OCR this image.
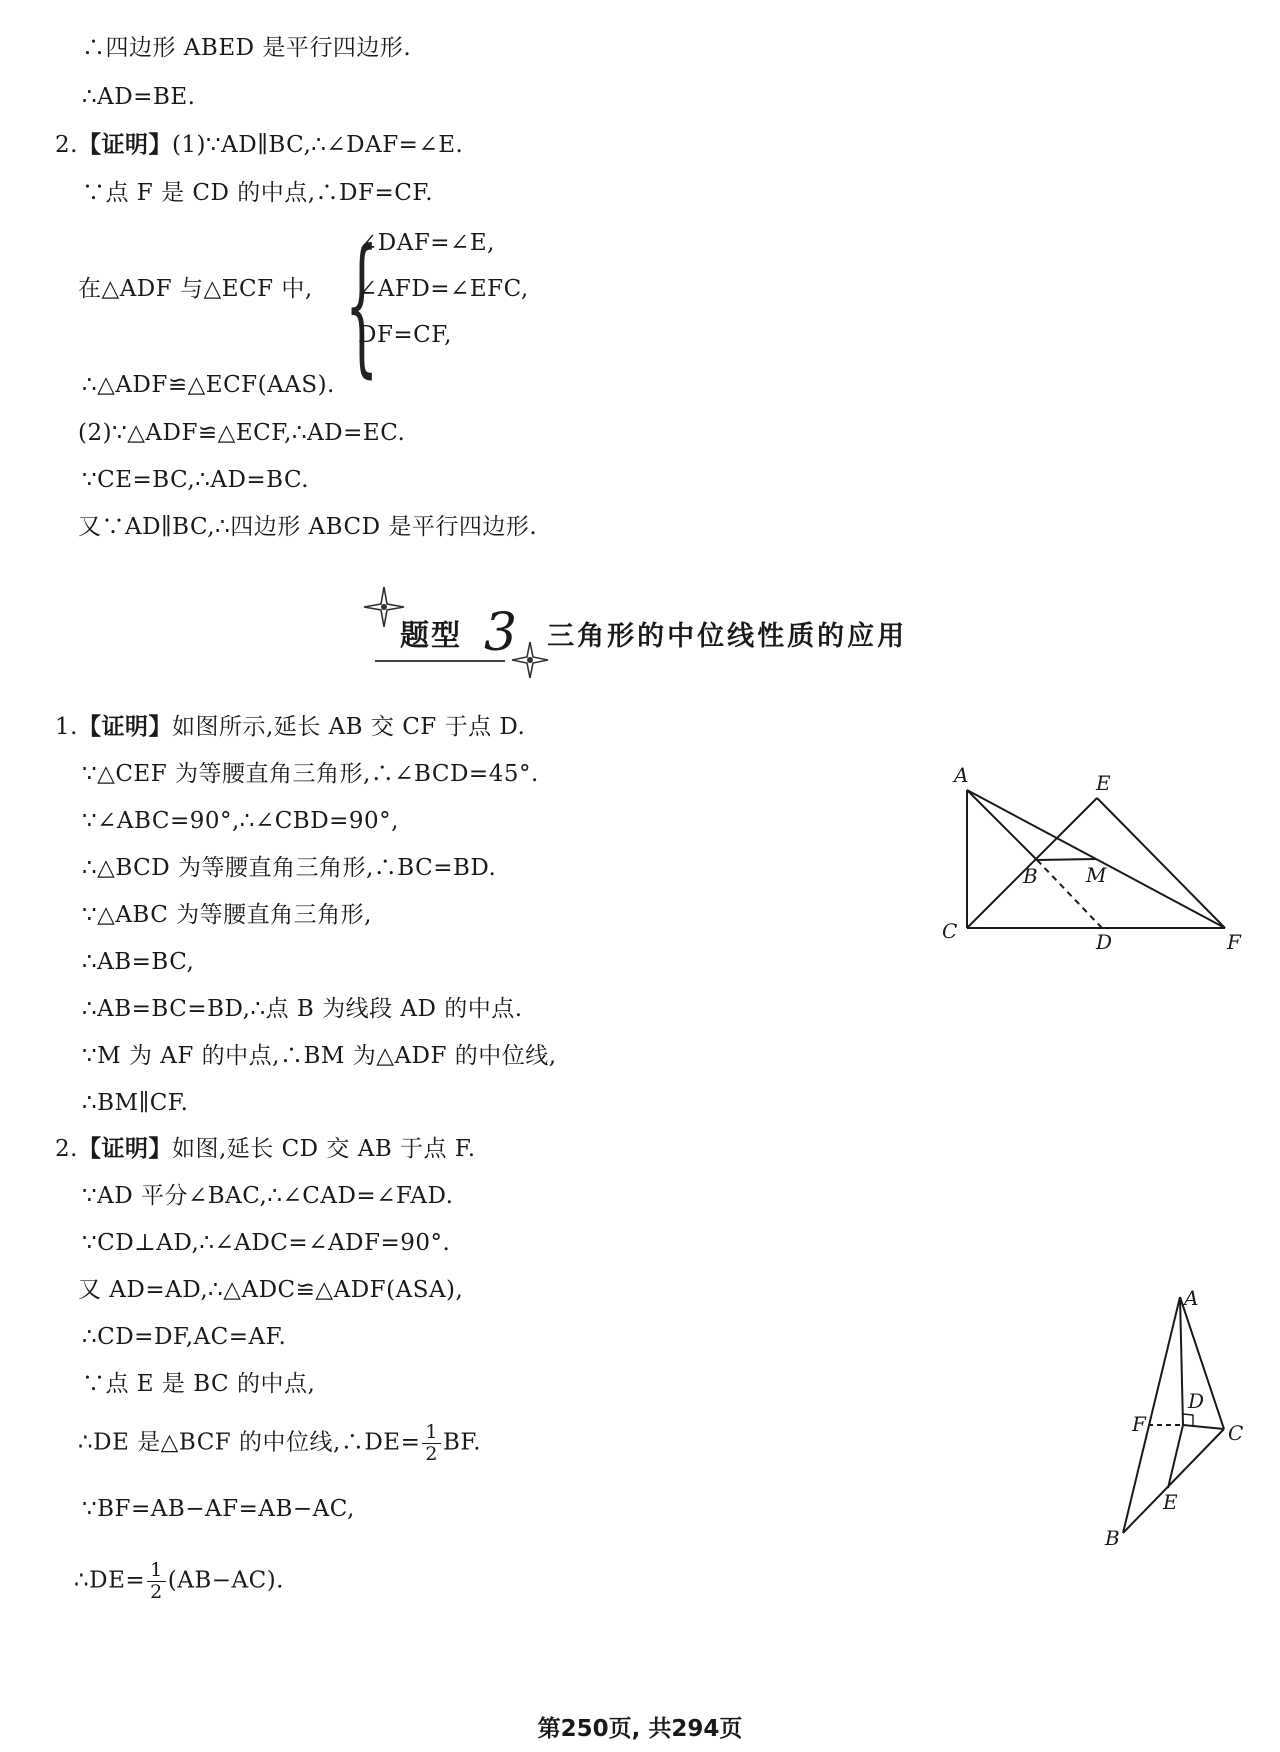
∴四边形 ABED 是平行四边形.
∴AD=BE.
2.【证明】(1)∵AD∥BC,∴∠DAF=∠E.
∵点 F 是 CD 的中点,∴DF=CF.
在△ADF 与△ECF 中, {
∠DAF=∠E,
∠AFD=∠EFC,
DF=CF,
∴△ADF≌△ECF(AAS).
(2)∵△ADF≌△ECF,∴AD=EC.
∵CE=BC,∴AD=BC.
又∵AD∥BC,∴四边形 ABCD 是平行四边形.
题型 3 三角形的中位线性质的应用
1.【证明】如图所示,延长 AB 交 CF 于点 D.
∵△CEF 为等腰直角三角形,∴∠BCD=45°.
∵∠ABC=90°,∴∠CBD=90°,
∴△BCD 为等腰直角三角形,∴BC=BD.
∵△ABC 为等腰直角三角形,
∴AB=BC,
∴AB=BC=BD,∴点 B 为线段 AD 的中点.
∵M 为 AF 的中点,∴BM 为△ADF 的中位线,
∴BM∥CF.
A	E
B M
C	D	F
2.【证明】如图,延长 CD 交 AB 于点 F.
∵AD 平分∠BAC,∴∠CAD=∠FAD.
∵CD⊥AD,∴∠ADC=∠ADF=90°.
又 AD=AD,∴△ADC≌△ADF(ASA),
∴CD=DF,AC=AF.
∵点 E 是 BC 的中点,
∴DE 是△BCF 的中位线,∴DE= $\frac{1}{2}$ BF.
∵BF=AB−AF=AB−AC,
∴DE= $\frac{1}{2} (AB-AC)$.
A
D
F	C
E
B
第250页, 共294页
